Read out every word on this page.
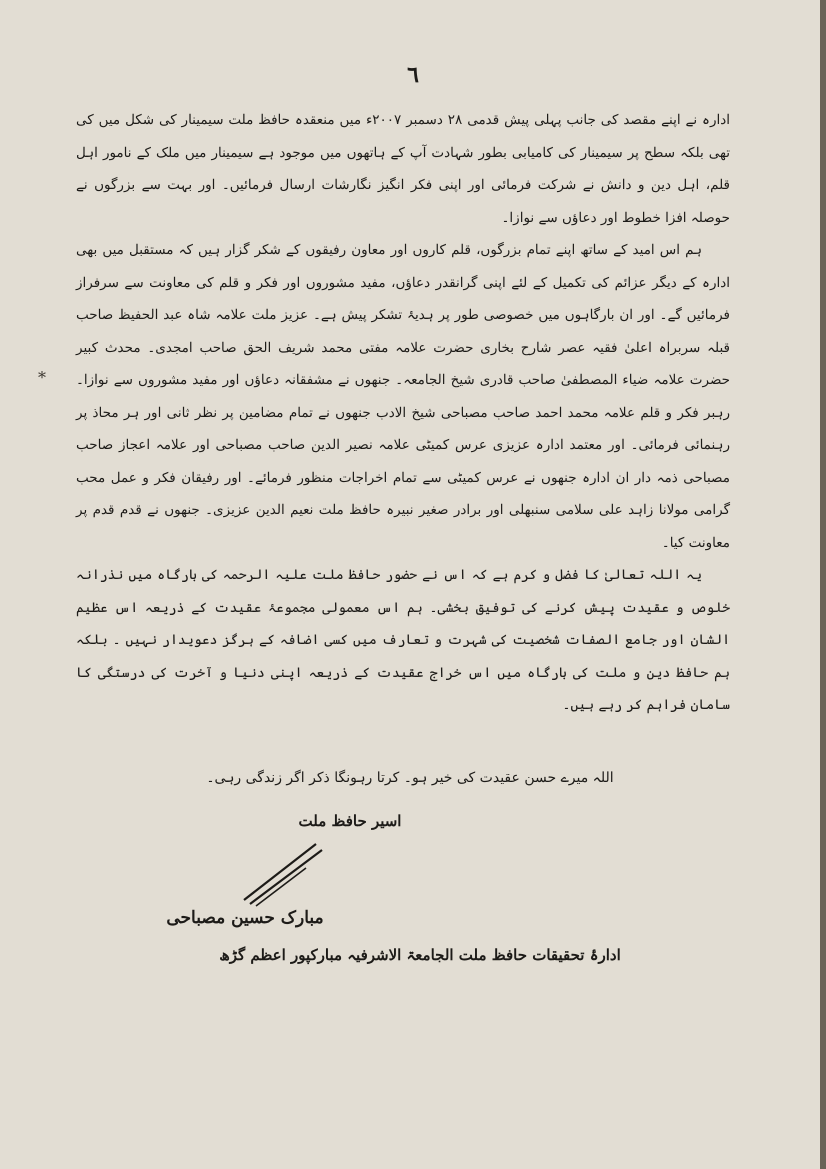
٦
*

ادارہ نے اپنے مقصد کی جانب پہلی پیش قدمی ۲۸ دسمبر ۲۰۰۷ء میں منعقدہ حافظ ملت سیمینار کی شکل میں کی تھی بلکہ سطح پر سیمینار کی کامیابی بطور شہادت آپ کے ہاتھوں میں موجود ہے سیمینار میں ملک کے نامور اہل قلم، اہل دین و دانش نے شرکت فرمائی اور اپنی فکر انگیز نگارشات ارسال فرمائیں۔ اور بہت سے بزرگوں نے حوصلہ افزا خطوط اور دعاؤں سے نوازا۔

ہم اس امید کے ساتھ اپنے تمام بزرگوں، قلم کاروں اور معاون رفیقوں کے شکر گزار ہیں کہ مستقبل میں بھی ادارہ کے دیگر عزائم کی تکمیل کے لئے اپنی گرانقدر دعاؤں، مفید مشوروں اور فکر و قلم کی معاونت سے سرفراز فرمائیں گے۔ اور ان بارگاہوں میں خصوصی طور پر ہدیۂ تشکر پیش ہے۔ عزیز ملت علامہ شاہ عبد الحفیظ صاحب قبلہ سربراہ اعلیٰ فقیہ عصر شارح بخاری حضرت علامہ مفتی محمد شریف الحق صاحب امجدی۔ محدث کبیر حضرت علامہ ضیاء المصطفیٰ صاحب قادری شیخ الجامعہ۔ جنھوں نے مشفقانہ دعاؤں اور مفید مشوروں سے نوازا۔ رہبر فکر و قلم علامہ محمد احمد صاحب مصباحی شیخ الادب جنھوں نے تمام مضامین پر نظر ثانی اور ہر محاذ پر رہنمائی فرمائی۔ اور معتمد ادارہ عزیزی عرس کمیٹی علامہ نصیر الدین صاحب مصباحی اور علامہ اعجاز صاحب مصباحی ذمہ دار ان ادارہ جنھوں نے عرس کمیٹی سے تمام اخراجات منظور فرمائے۔ اور رفیقان فکر و عمل محب گرامی مولانا زاہد علی سلامی سنبھلی اور برادر صغیر نبیرہ حافظ ملت نعیم الدین عزیزی۔ جنھوں نے قدم قدم پر معاونت کیا۔

یہ اللہ تعالیٰ کا فضل و کرم ہے کہ اس نے حضور حافظ ملت علیہ الرحمہ کی بارگاہ میں نذرانہ خلوص و عقیدت پیش کرنے کی توفیق بخشی۔ ہم اس معمولی مجموعۂ عقیدت کے ذریعہ اس عظیم الشان اور جامع الصفات شخصیت کی شہرت و تعارف میں کسی اضافہ کے ہرگز دعویدار نہیں ۔ بلکہ ہم حافظ دین و ملت کی بارگاہ میں اس خراج عقیدت کے ذریعہ اپنی دنیا و آخرت کی درستگی کا سامان فراہم کر رہے ہیں۔

اللہ میرے حسن عقیدت کی خیر ہو۔ کرتا رہونگا ذکر اگر زندگی رہی۔
اسیر حافظ ملت
مبارک حسین مصباحی
ادارۂ تحقیقات حافظ ملت الجامعۃ الاشرفیہ مبارکپور اعظم گڑھ
